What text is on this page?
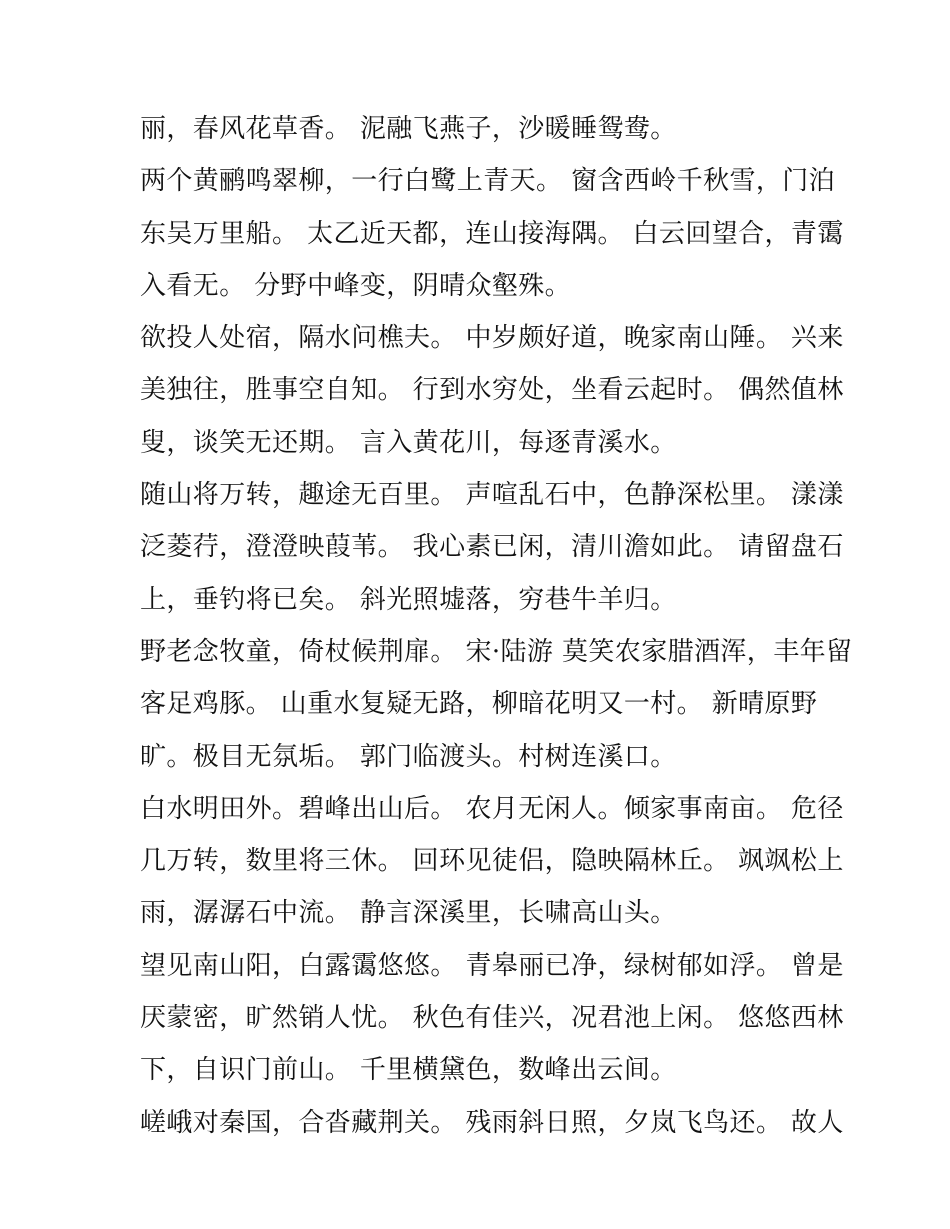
丽，春风花草香。 泥融飞燕子，沙暖睡鸳鸯。
两个黄鹂鸣翠柳，一行白鹭上青天。 窗含西岭千秋雪，门泊
东吴万里船。 太乙近天都，连山接海隅。 白云回望合，青霭
入看无。 分野中峰变，阴晴众壑殊。
欲投人处宿，隔水问樵夫。 中岁颇好道，晚家南山陲。 兴来
美独往，胜事空自知。 行到水穷处，坐看云起时。 偶然值林
叟，谈笑无还期。 言入黄花川，每逐青溪水。
随山将万转，趣途无百里。 声喧乱石中，色静深松里。 漾漾
泛菱荇，澄澄映葭苇。 我心素已闲，清川澹如此。 请留盘石
上，垂钓将已矣。 斜光照墟落，穷巷牛羊归。
野老念牧童，倚杖候荆扉。 宋·陆游 莫笑农家腊酒浑，丰年留
客足鸡豚。 山重水复疑无路，柳暗花明又一村。 新晴原野
旷。极目无氛垢。 郭门临渡头。村树连溪口。
白水明田外。碧峰出山后。 农月无闲人。倾家事南亩。 危径
几万转，数里将三休。 回环见徒侣，隐映隔林丘。 飒飒松上
雨，潺潺石中流。 静言深溪里，长啸高山头。
望见南山阳，白露霭悠悠。 青皋丽已净，绿树郁如浮。 曾是
厌蒙密，旷然销人忧。 秋色有佳兴，况君池上闲。 悠悠西林
下，自识门前山。 千里横黛色，数峰出云间。
嵯峨对秦国，合沓藏荆关。 残雨斜日照，夕岚飞鸟还。 故人
